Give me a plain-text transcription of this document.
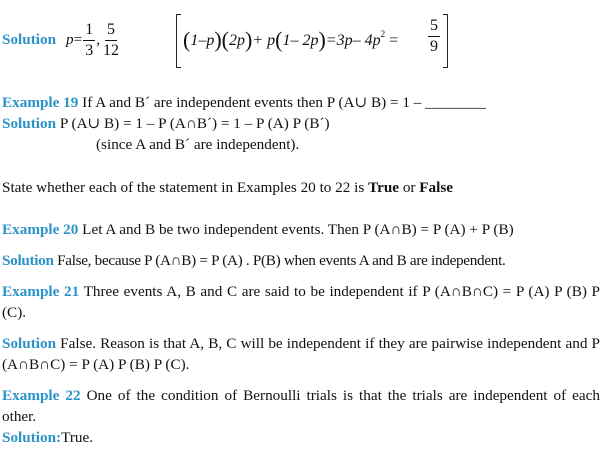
Solution $p = \frac{1}{3}$ , $\frac{5}{12}$	(1–p)(2p)+ p(1– 2p)=3p– $4p^2 = \frac{5}{9}$
Example 19 If A and B´ are independent events then P (A∪ B) = 1 – ________
Solution P (A∪ B) = 1 – P (A∩B´) = 1 – P (A) P (B´)
(since A and B´ are independent).
State whether each of the statement in Examples 20 to 22 is True or False
Example 20 Let A and B be two independent events. Then P (A∩B) = P (A) + P (B)
Solution False, because P (A∩B) = P (A) . P(B) when events A and B are independent.
Example 21 Three events A, B and C are said to be independent if P (A∩B∩C) = P (A) P (B) P (C).
Solution False. Reason is that A, B, C will be independent if they are pairwise independent and P (A∩B∩C) = P (A) P (B) P (C).
Example 22 One of the condition of Bernoulli trials is that the trials are independent of each other.
Solution:True.
